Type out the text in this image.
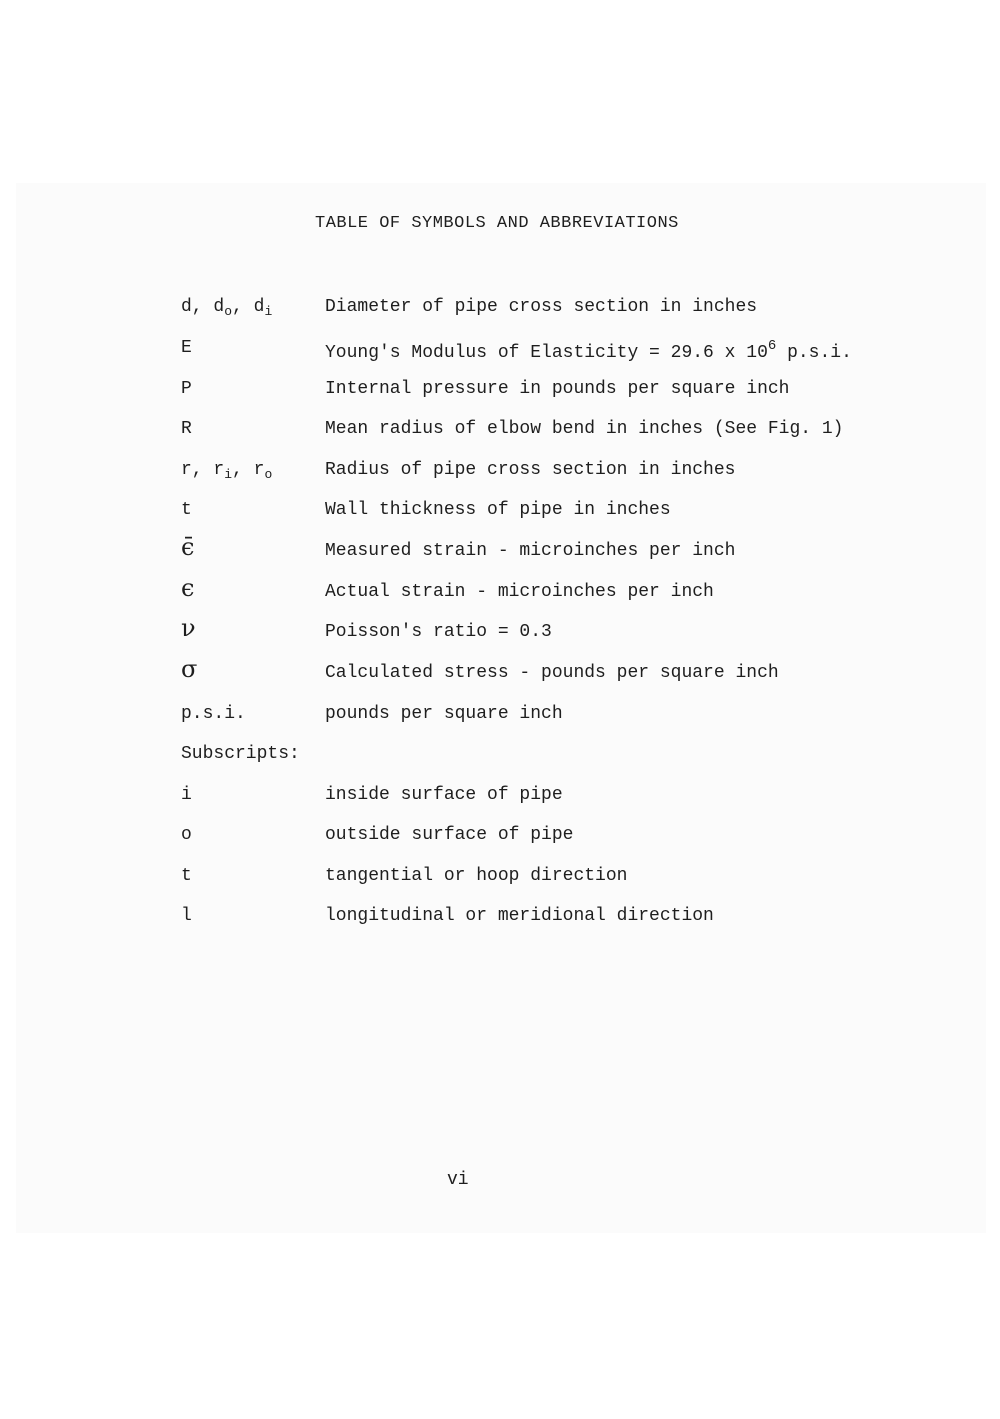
TABLE OF SYMBOLS AND ABBREVIATIONS
d, $d_o$, $d_i$	Diameter of pipe cross section in inches
E	Young's Modulus of Elasticity = 29.6 x $10^6$ p.s.i.
P	Internal pressure in pounds per square inch
R	Mean radius of elbow bend in inches (See Fig. 1)
r, $r_i$, $r_o$	Radius of pipe cross section in inches
t	Wall thickness of pipe in inches
ϵ̄	Measured strain - microinches per inch
ϵ	Actual strain - microinches per inch
ν	Poisson's ratio = 0.3
σ	Calculated stress - pounds per square inch
p.s.i.	pounds per square inch
Subscripts:
i	inside surface of pipe
o	outside surface of pipe
t	tangential or hoop direction
l	longitudinal or meridional direction
vi
